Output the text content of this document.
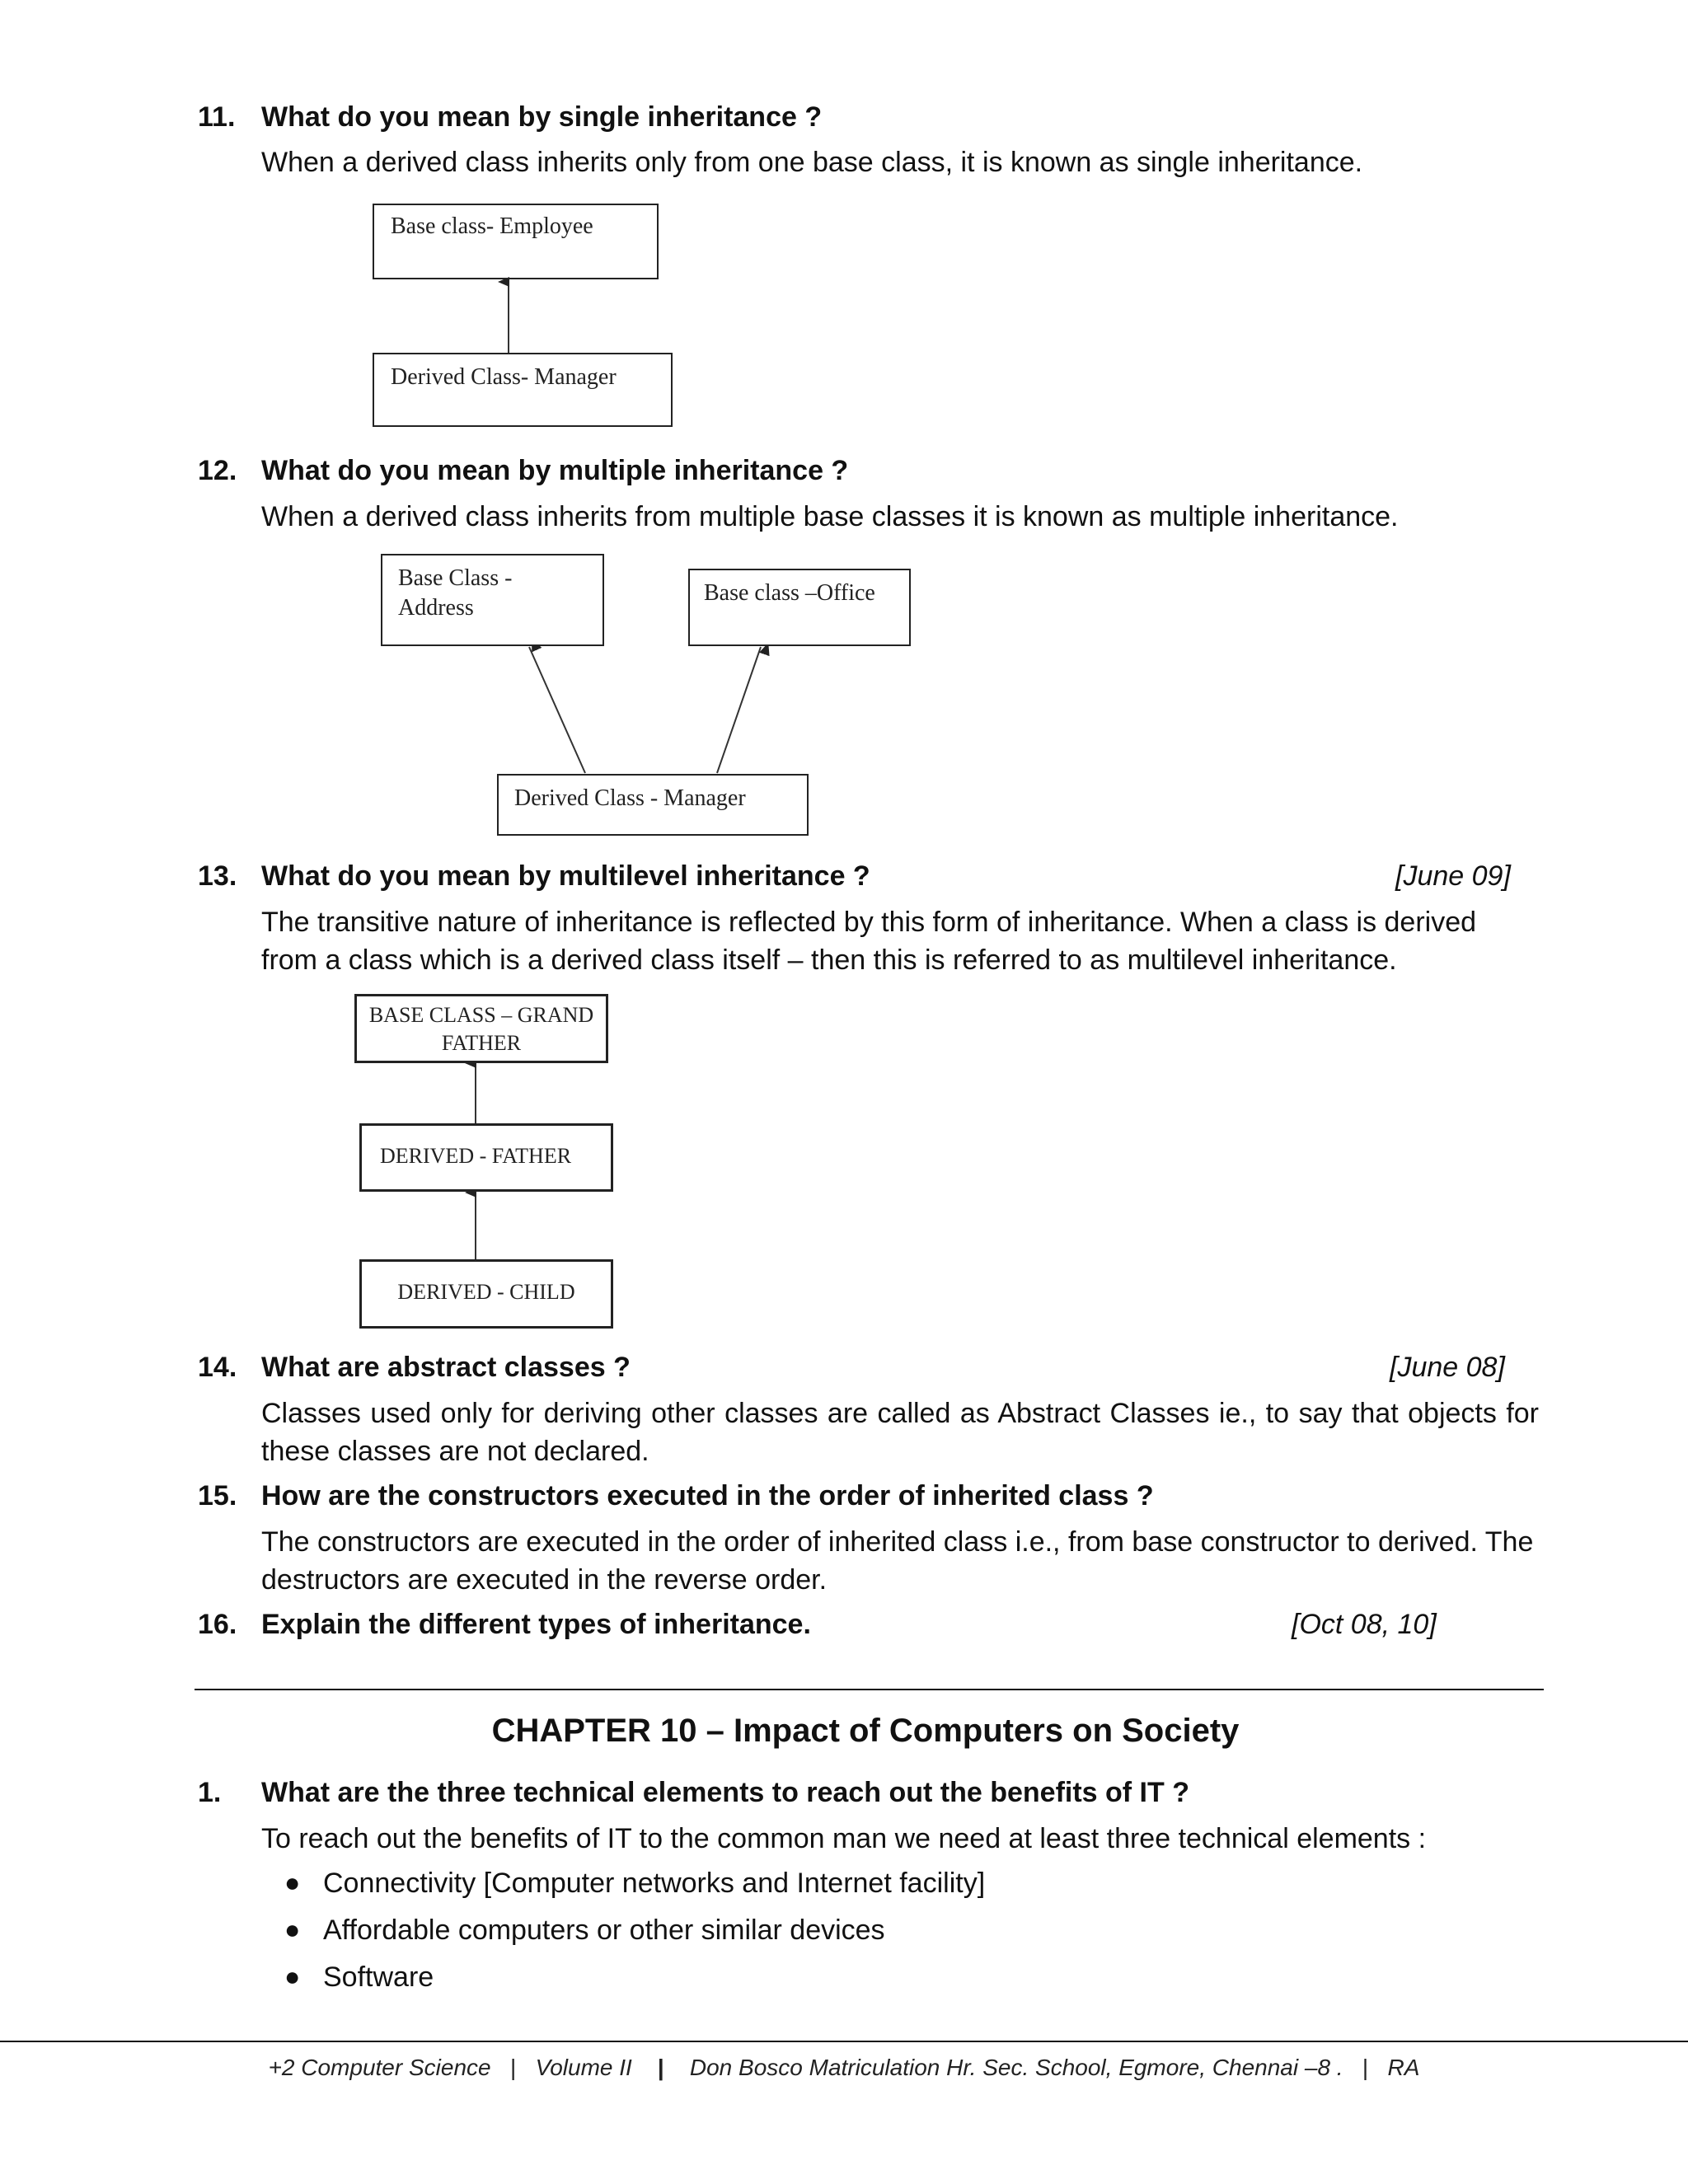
11. What do you mean by single inheritance ?
When a derived class inherits only from one base class, it is known as single inheritance.
Base class- Employee
Derived Class- Manager
12. What do you mean by multiple inheritance ?
When a derived class inherits from multiple base classes it is known as multiple inheritance.
Base Class -
Address
Base class –Office
Derived Class - Manager
13. What do you mean by multilevel inheritance ?	[June 09]
The transitive nature of inheritance is reflected by this form of inheritance. When a class is derived
from a class which is a derived class itself – then this is referred to as multilevel inheritance.
BASE CLASS – GRAND
FATHER
DERIVED - FATHER
DERIVED - CHILD
14. What are abstract classes ?	[June 08]
Classes used only for deriving other classes are called as Abstract Classes ie., to say that objects for
these classes are not declared.
15. How are the constructors executed in the order of inherited class ?
The constructors are executed in the order of inherited class i.e., from base constructor to derived. The
destructors are executed in the reverse order.
16. Explain the different types of inheritance.	[Oct 08, 10]
CHAPTER 10 – Impact of Computers on Society
1. What are the three technical elements to reach out the benefits of IT ?
To reach out the benefits of IT to the common man we need at least three technical elements :
● Connectivity [Computer networks and Internet facility]
● Affordable computers or other similar devices
● Software
+2 Computer Science   |   Volume II    |    Don Bosco Matriculation Hr. Sec. School, Egmore, Chennai –8 .   |   RA
